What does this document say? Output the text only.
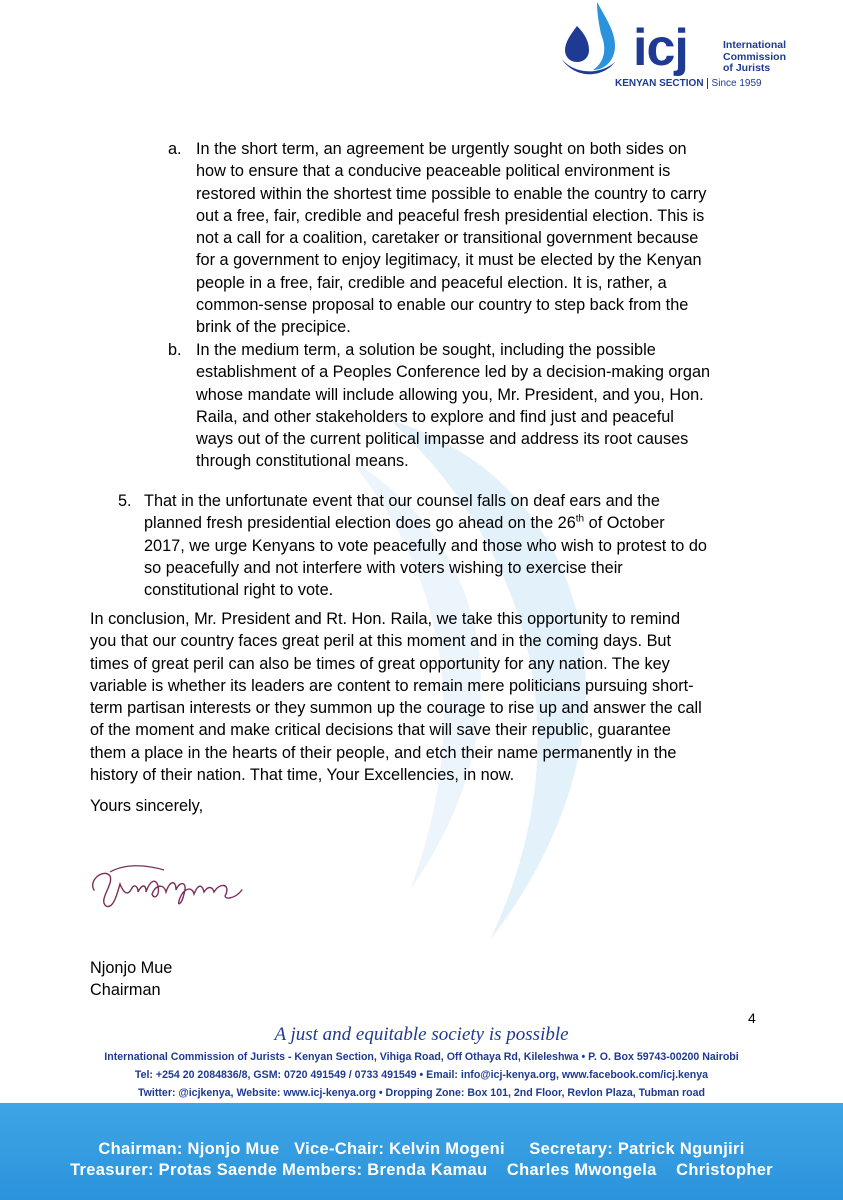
icj	International
Commission
of Jurists
KENYAN SECTION Since 1959
a. In the short term, an agreement be urgently sought on both sides on
how to ensure that a conducive peaceable political environment is
restored within the shortest time possible to enable the country to carry
out a free, fair, credible and peaceful fresh presidential election. This is
not a call for a coalition, caretaker or transitional government because
for a government to enjoy legitimacy, it must be elected by the Kenyan
people in a free, fair, credible and peaceful election. It is, rather, a
common-sense proposal to enable our country to step back from the
brink of the precipice.
b. In the medium term, a solution be sought, including the possible
establishment of a Peoples Conference led by a decision-making organ
whose mandate will include allowing you, Mr. President, and you, Hon.
Raila, and other stakeholders to explore and find just and peaceful
ways out of the current political impasse and address its root causes
through constitutional means.
5. That in the unfortunate event that our counsel falls on deaf ears and the
planned fresh presidential election does go ahead on the 26th of October
2017, we urge Kenyans to vote peacefully and those who wish to protest to do
so peacefully and not interfere with voters wishing to exercise their
constitutional right to vote.
In conclusion, Mr. President and Rt. Hon. Raila, we take this opportunity to remind
you that our country faces great peril at this moment and in the coming days. But
times of great peril can also be times of great opportunity for any nation. The key
variable is whether its leaders are content to remain mere politicians pursuing short-
term partisan interests or they summon up the courage to rise up and answer the call
of the moment and make critical decisions that will save their republic, guarantee
them a place in the hearts of their people, and etch their name permanently in the
history of their nation. That time, Your Excellencies, in now.
Yours sincerely,
Njonjo Mue
Chairman
4
A just and equitable society is possible
International Commission of Jurists - Kenyan Section, Vihiga Road, Off Othaya Rd, Kileleshwa • P. O. Box 59743-00200 Nairobi
Tel: +254 20 2084836/8, GSM: 0720 491549 / 0733 491549 • Email: info@icj-kenya.org, www.facebook.com/icj.kenya
Twitter: @icjkenya, Website: www.icj-kenya.org • Dropping Zone: Box 101, 2nd Floor, Revlon Plaza, Tubman road
Chairman: Njonjo Mue   Vice-Chair: Kelvin Mogeni     Secretary: Patrick Ngunjiri
Treasurer: Protas Saende Members: Brenda Kamau    Charles Mwongela    Christopher
